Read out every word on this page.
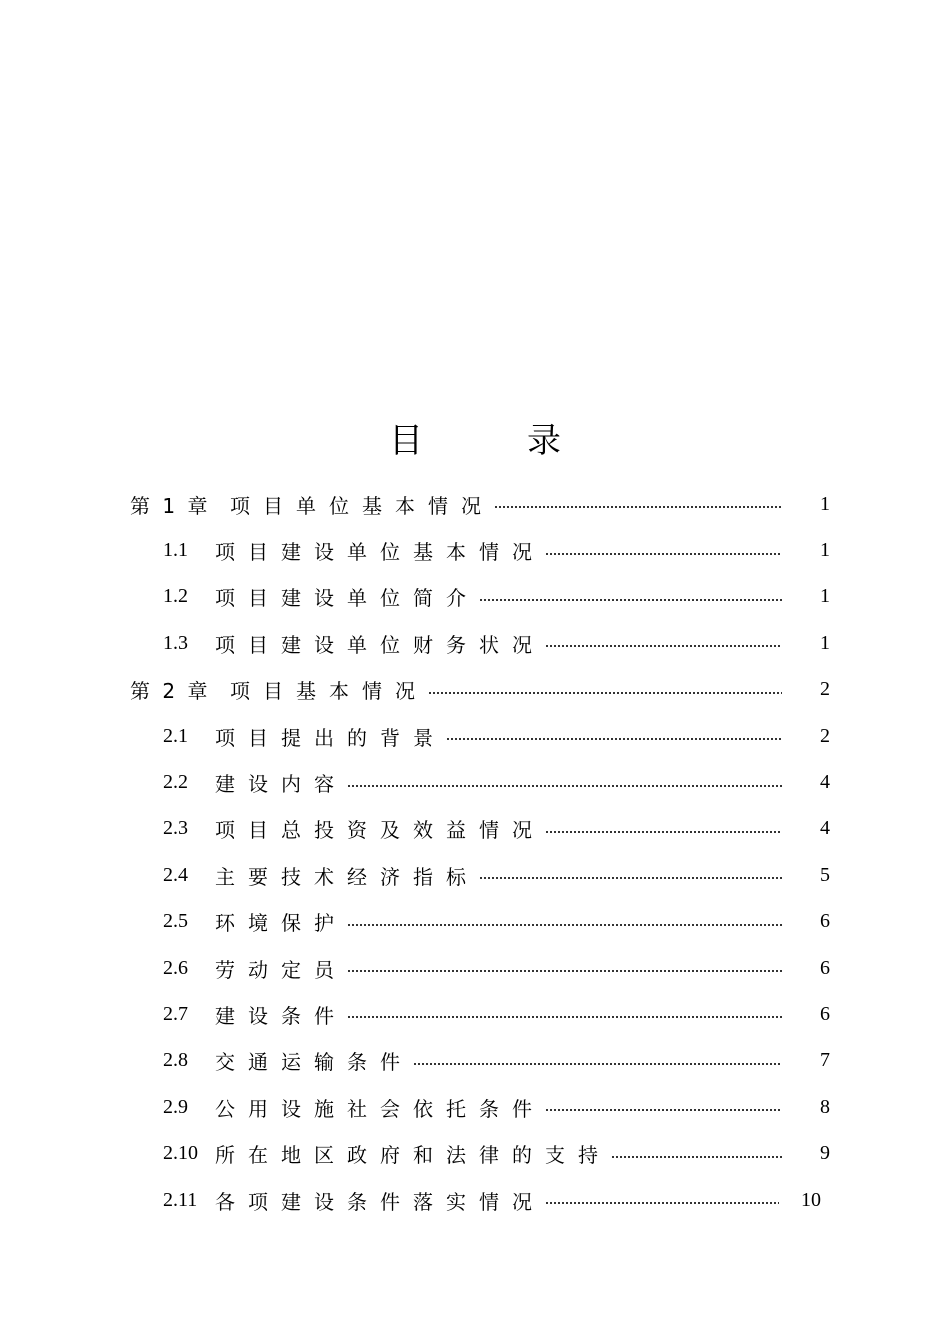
目	录
第 1 章 项目单位基本情况	1
1.1	项目建设单位基本情况	1
1.2	项目建设单位简介	1
1.3	项目建设单位财务状况	1
第 2 章 项目基本情况	2
2.1	项目提出的背景	2
2.2	建设内容	4
2.3	项目总投资及效益情况	4
2.4	主要技术经济指标	5
2.5	环境保护	6
2.6	劳动定员	6
2.7	建设条件	6
2.8	交通运输条件	7
2.9	公用设施社会依托条件	8
2.10 所在地区政府和法律的支持	9
2.11 各项建设条件落实情况	10
